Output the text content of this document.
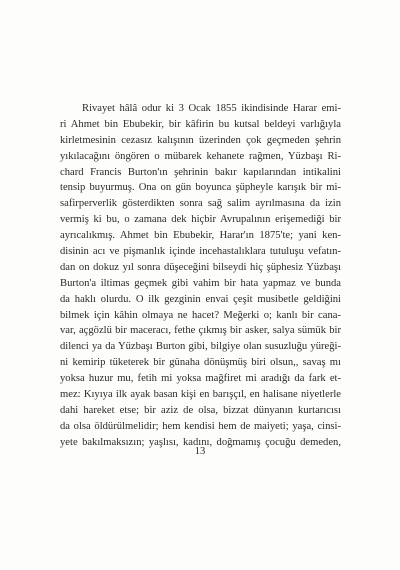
Rivayet hâlâ odur ki 3 Ocak 1855 ikindisinde Harar emi-
ri Ahmet bin Ebubekir, bir kâfirin bu kutsal beldeyi varlığıyla
kirletmesinin cezasız kalışının üzerinden çok geçmeden şehrin
yıkılacağını öngören o mübarek kehanete rağmen, Yüzbaşı Ri-
chard Francis Burton'ın şehrinin bakır kapılarından intikalini
tensip buyurmuş. Ona on gün boyunca şüpheyle karışık bir mi-
safirperverlik gösterdikten sonra sağ salim ayrılmasına da izin
vermiş ki bu, o zamana dek hiçbir Avrupalının erişemediği bir
ayrıcalıkmış. Ahmet bin Ebubekir, Harar'ın 1875'te; yani ken-
disinin acı ve pişmanlık içinde incehastalıklara tutuluşu vefatın-
dan on dokuz yıl sonra düşeceğini bilseydi hiç şüphesiz Yüzbaşı
Burton'a iltimas geçmek gibi vahim bir hata yapmaz ve bunda
da haklı olurdu. O ilk gezginin envai çeşit musibetle geldiğini
bilmek için kâhin olmaya ne hacet? Meğerki o; kanlı bir cana-
var, açgözlü bir maceracı, fethe çıkmış bir asker, salya sümük bir
dilenci ya da Yüzbaşı Burton gibi, bilgiye olan susuzluğu yüreği-
ni kemirip tüketerek bir günaha dönüşmüş biri olsun,, savaş mı
yoksa huzur mu, fetih mi yoksa mağfiret mi aradığı da fark et-
mez: Kıyıya ilk ayak basan kişi en barışçıl, en halisane niyetlerle
dahi hareket etse; bir aziz de olsa, bizzat dünyanın kurtarıcısı
da olsa öldürülmelidir; hem kendisi hem de maiyeti; yaşa, cinsi-
yete bakılmaksızın; yaşlısı, kadını, doğmamış çocuğu demeden,
13
